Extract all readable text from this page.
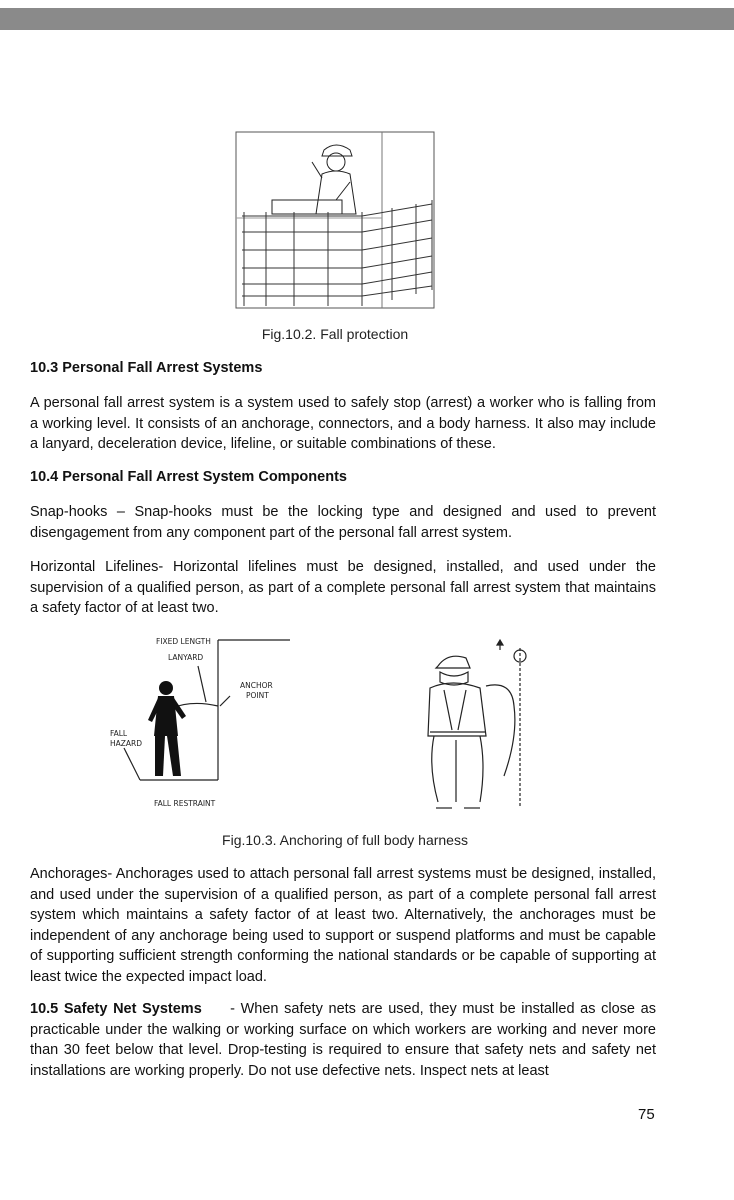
Fig.10.2. Fall protection
10.3 Personal Fall Arrest Systems

A personal fall arrest system is a system used to safely stop (arrest) a worker who is falling from a working level. It consists of an anchorage, connectors, and a body harness. It also may include a lanyard, deceleration device, lifeline, or suitable combinations of these.

10.4 Personal Fall Arrest System Components

Snap-hooks – Snap-hooks must be the locking type and designed and used to prevent disengagement from any component part of the personal fall arrest system.

Horizontal Lifelines- Horizontal lifelines must be designed, installed, and used under the supervision of a qualified person, as part of a complete personal fall arrest system that maintains a safety factor of at least two.

FIXED LENGTH
LANYARD
ANCHOR
POINT
FALL
HAZARD
FALL RESTRAINT
Fig.10.3. Anchoring of full body harness

Anchorages- Anchorages used to attach personal fall arrest systems must be designed, installed, and used under the supervision of a qualified person, as part of a complete personal fall arrest system which maintains a safety factor of at least two. Alternatively, the anchorages must be independent of any anchorage being used to support or suspend platforms and must be capable of supporting sufficient strength conforming the national standards or be capable of supporting at least twice the expected impact load.

10.5 Safety Net Systems - When safety nets are used, they must be installed as close as practicable under the walking or working surface on which workers are working and never more than 30 feet below that level. Drop-testing is required to ensure that safety nets and safety net installations are working properly. Do not use defective nets. Inspect nets at least

75
